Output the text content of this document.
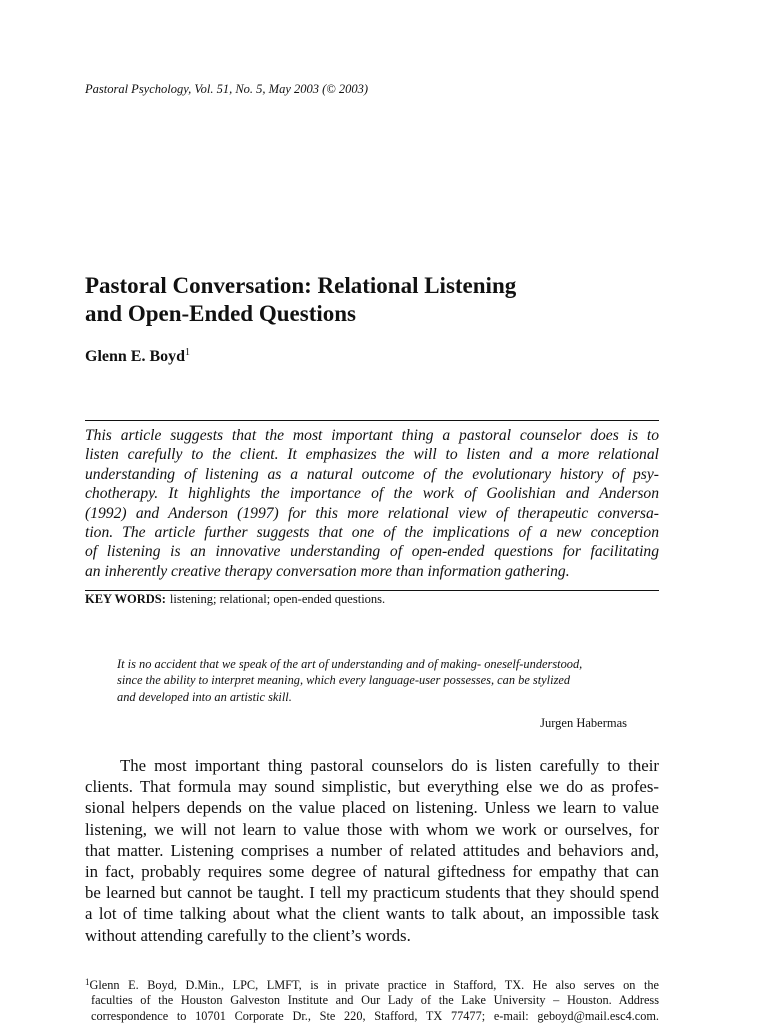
Pastoral Psychology, Vol. 51, No. 5, May 2003 (© 2003)
Pastoral Conversation: Relational Listening
and Open-Ended Questions
Glenn E. Boyd$^1$
This article suggests that the most important thing a pastoral counselor does is to
listen carefully to the client. It emphasizes the will to listen and a more relational
understanding of listening as a natural outcome of the evolutionary history of psy-
chotherapy. It highlights the importance of the work of Goolishian and Anderson
(1992) and Anderson (1997) for this more relational view of therapeutic conversa-
tion. The article further suggests that one of the implications of a new conception
of listening is an innovative understanding of open-ended questions for facilitating
an inherently creative therapy conversation more than information gathering.
KEY WORDS: listening; relational; open-ended questions.
It is no accident that we speak of the art of understanding and of making- oneself-understood,
since the ability to interpret meaning, which every language-user possesses, can be stylized
and developed into an artistic skill.
Jurgen Habermas
The most important thing pastoral counselors do is listen carefully to their
clients. That formula may sound simplistic, but everything else we do as profes-
sional helpers depends on the value placed on listening. Unless we learn to value
listening, we will not learn to value those with whom we work or ourselves, for
that matter. Listening comprises a number of related attitudes and behaviors and,
in fact, probably requires some degree of natural giftedness for empathy that can
be learned but cannot be taught. I tell my practicum students that they should spend
a lot of time talking about what the client wants to talk about, an impossible task
without attending carefully to the client’s words.
$^1$Glenn E. Boyd, D.Min., LPC, LMFT, is in private practice in Stafford, TX. He also serves on the
faculties of the Houston Galveston Institute and Our Lady of the Lake University – Houston. Address
correspondence to 10701 Corporate Dr., Ste 220, Stafford, TX 77477; e-mail: geboyd@mail.esc4.com.
